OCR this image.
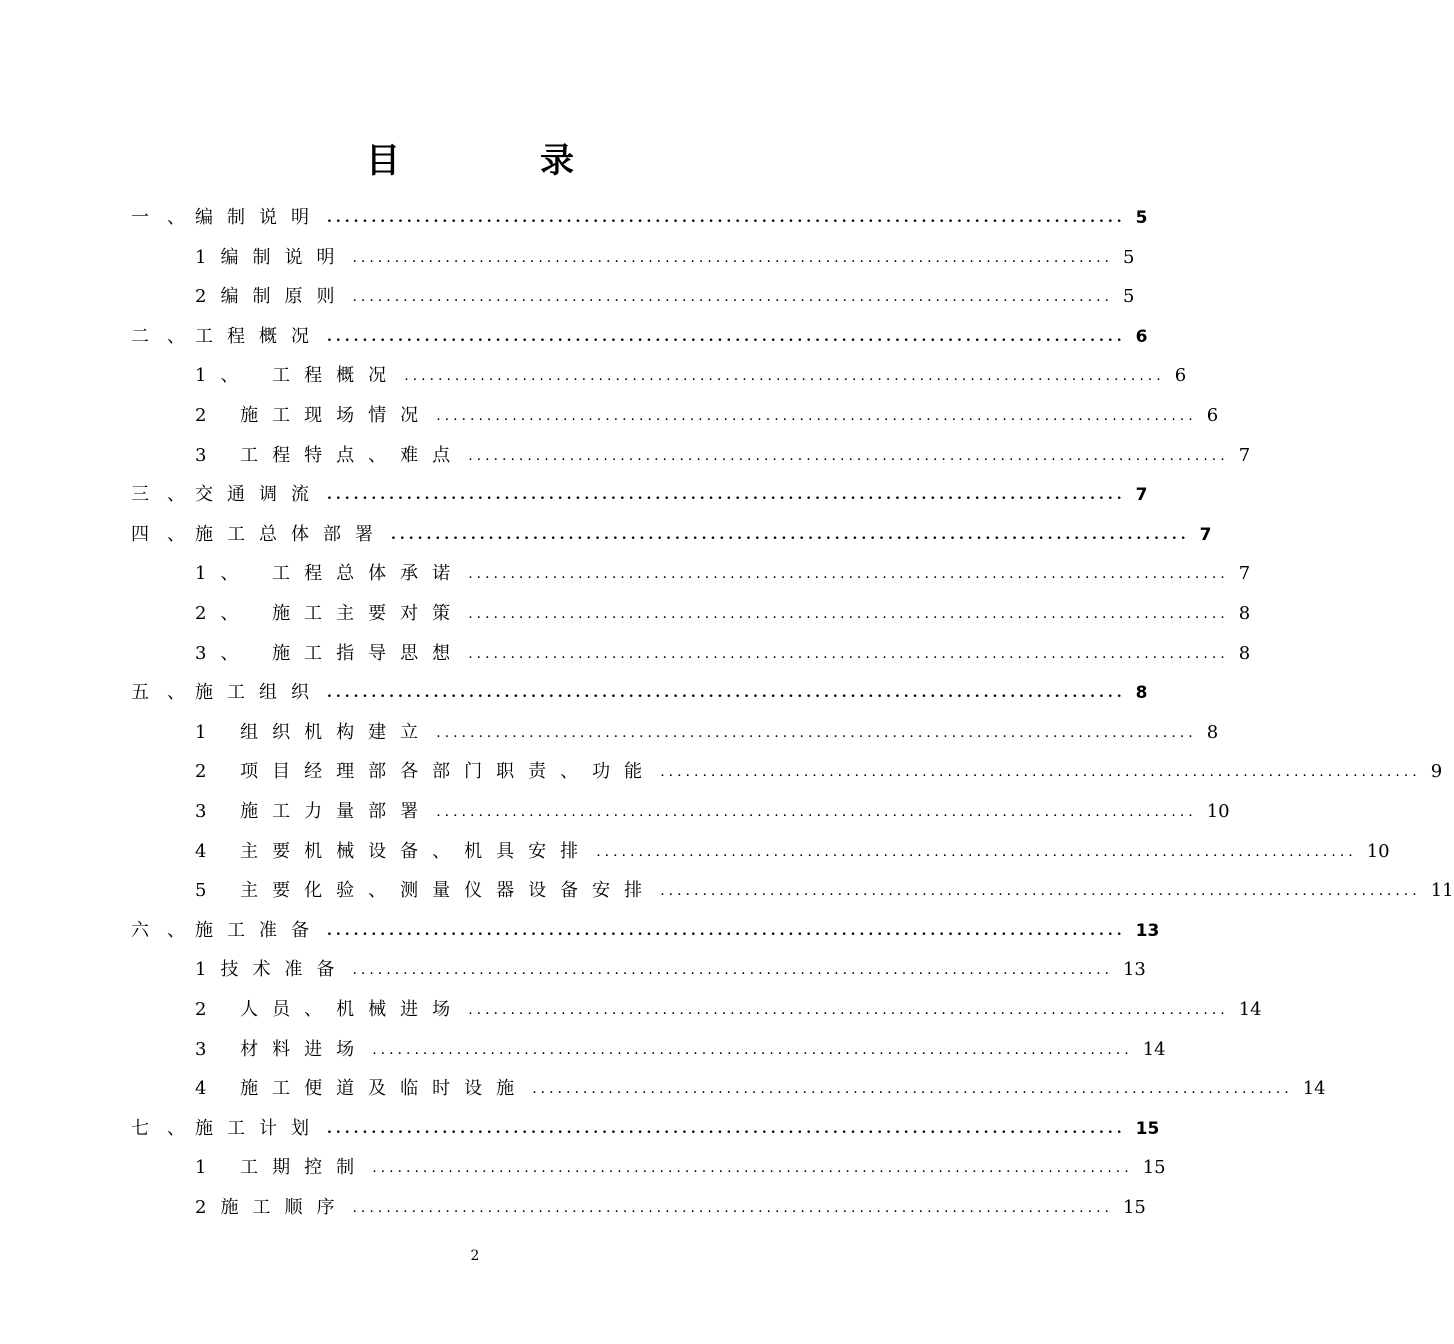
目	录
一、
编制说明 .......................................................................................... 5
1编制说明 .......................................................................................... 5
2编制原则 .......................................................................................... 5
二、
工程概况 .......................................................................................... 6
1、 工程概况 .......................................................................................... 6
2 施工现场情况 .......................................................................................... 6
3 工程特点、难点 .......................................................................................... 7
三、
交通调流 .......................................................................................... 7
四、
施工总体部署 .......................................................................................... 7
1、 工程总体承诺 .......................................................................................... 7
2、 施工主要对策 .......................................................................................... 8
3、 施工指导思想 .......................................................................................... 8
五、
施工组织 .......................................................................................... 8
1 组织机构建立 .......................................................................................... 8
2 项目经理部各部门职责、功能 .......................................................................................... 9
3 施工力量部署 .......................................................................................... 10
4 主要机械设备、机具安排 .......................................................................................... 10
5 主要化验、测量仪器设备安排 .......................................................................................... 11
六、
施工准备 .......................................................................................... 13
1技术准备 .......................................................................................... 13
2 人员、机械进场 .......................................................................................... 14
3 材料进场 .......................................................................................... 14
4 施工便道及临时设施 .......................................................................................... 14
七、
施工计划 .......................................................................................... 15
1 工期控制 .......................................................................................... 15
2施工顺序 .......................................................................................... 15
2
